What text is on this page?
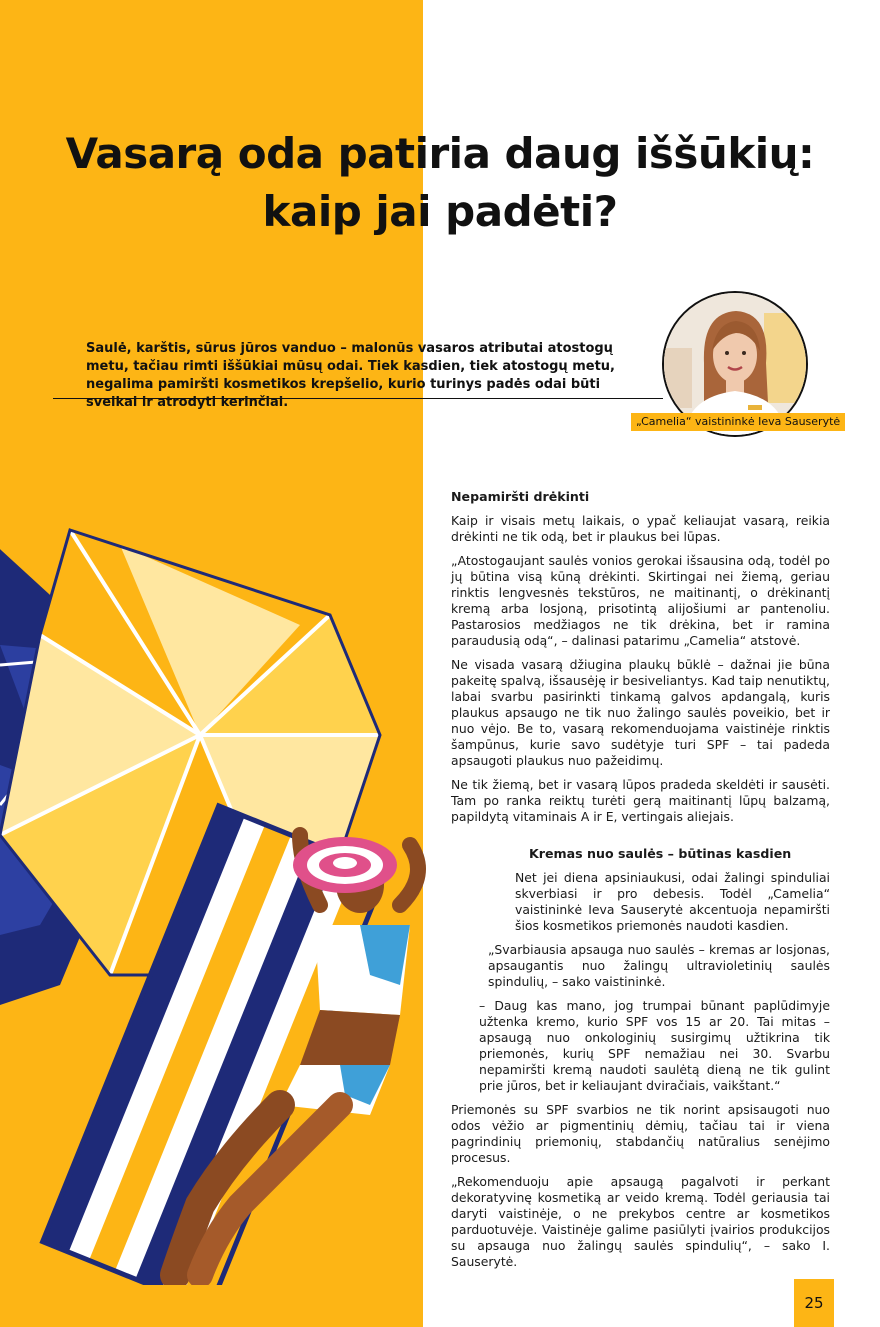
Vasarą oda patiria daug iššūkių:
kaip jai padėti?

Saulė, karštis, sūrus jūros vanduo – malonūs vasaros atributai atostogų metu, tačiau rimti iššūkiai mūsų odai. Tiek kasdien, tiek atostogų metu, negalima pamiršti kosmetikos krepšelio, kurio turinys padės odai būti sveikai ir atrodyti kerinčiai.

„Camelia“ vaistininkė Ieva Sauserytė
Nepamiršti drėkinti

Kaip ir visais metų laikais, o ypač keliaujat vasarą, reikia drėkinti ne tik odą, bet ir plaukus bei lūpas.

„Atostogaujant saulės vonios gerokai išsausina odą, todėl po jų būtina visą kūną drėkinti. Skirtingai nei žiemą, geriau rinktis lengvesnės tekstūros, ne maitinantį, o drėkinantį kremą arba losjoną, prisotintą alijošiumi ar pantenoliu. Pastarosios medžiagos ne tik drėkina, bet ir ramina paraudusią odą“, – dalinasi patarimu „Camelia“ atstovė.

Ne visada vasarą džiugina plaukų būklė – dažnai jie būna pakeitę spalvą, išsausėję ir besiveliantys. Kad taip nenutiktų, labai svarbu pasirinkti tinkamą galvos apdangalą, kuris plaukus apsaugo ne tik nuo žalingo saulės poveikio, bet ir nuo vėjo. Be to, vasarą rekomenduojama vaistinėje rinktis šampūnus, kurie savo sudėtyje turi SPF – tai padeda apsaugoti plaukus nuo pažeidimų.

Ne tik žiemą, bet ir vasarą lūpos pradeda skeldėti ir sausėti. Tam po ranka reiktų turėti gerą maitinantį lūpų balzamą, papildytą vitaminais A ir E, vertingais aliejais.

Kremas nuo saulės – būtinas kasdien

Net jei diena apsiniaukusi, odai žalingi spinduliai skverbiasi ir pro debesis. Todėl „Camelia“ vaistininkė Ieva Sauserytė akcentuoja nepamiršti šios kosmetikos priemonės naudoti kasdien.

„Svarbiausia apsauga nuo saulės – kremas ar losjonas, apsaugantis nuo žalingų ultravioletinių saulės spindulių, – sako vaistininkė.

– Daug kas mano, jog trumpai būnant paplūdimyje užtenka kremo, kurio SPF vos 15 ar 20. Tai mitas – apsaugą nuo onkologinių susirgimų užtikrina tik priemonės, kurių SPF nemažiau nei 30. Svarbu nepamiršti kremą naudoti saulėtą dieną ne tik gulint prie jūros, bet ir keliaujant dviračiais, vaikštant.“

Priemonės su SPF svarbios ne tik norint apsisaugoti nuo odos vėžio ar pigmentinių dėmių, tačiau tai ir viena pagrindinių priemonių, stabdančių natūralius senėjimo procesus.

„Rekomenduoju apie apsaugą pagalvoti ir perkant dekoratyvinę kosmetiką ar veido kremą. Todėl geriausia tai daryti vaistinėje, o ne prekybos centre ar kosmetikos parduotuvėje. Vaistinėje galime pasiūlyti įvairios produkcijos su apsauga nuo žalingų saulės spindulių“, – sako I. Sauserytė.

25
